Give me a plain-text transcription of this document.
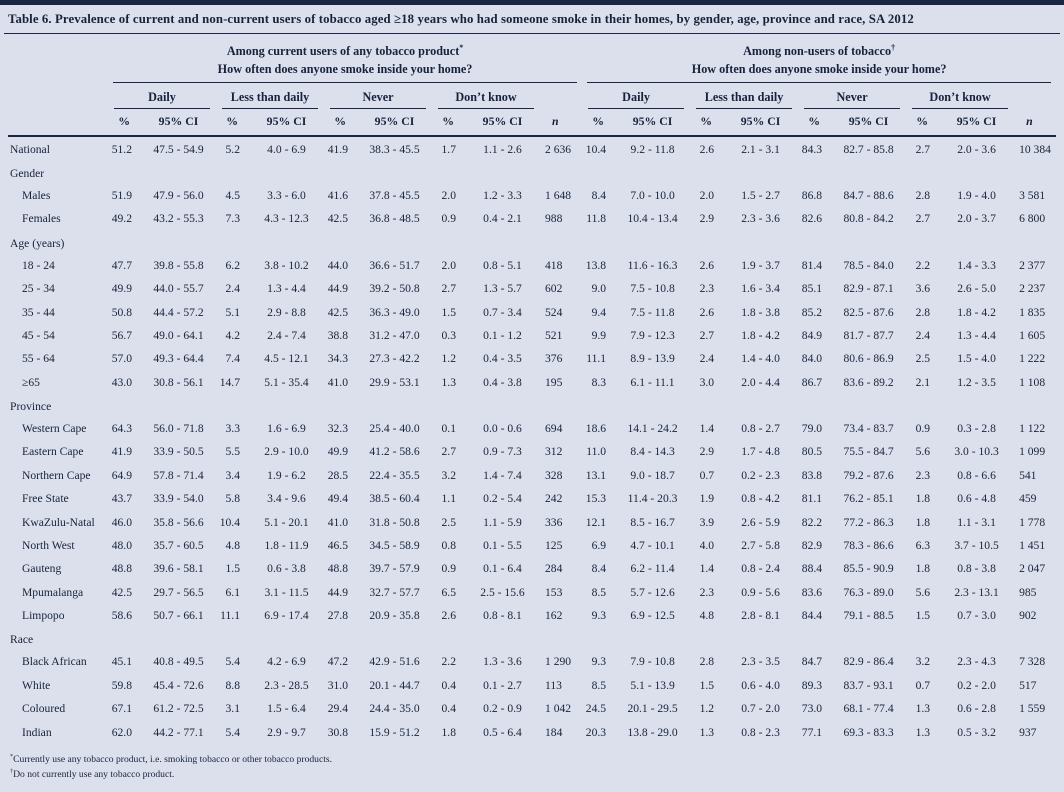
Table 6. Prevalence of current and non-current users of tobacco aged ≥18 years who had someone smoke in their homes, by gender, age, province and race, SA 2012

Among current users of any tobacco product*
How often does anyone smoke inside your home?

Among non-users of tobacco†
How often does anyone smoke inside your home?

	Daily		Less than daily		Never		Don’t know			Daily		Less than daily		Never		Don’t know		

	%	95% CI	%	95% CI	%	95% CI	%	95% CI	n	%	95% CI	%	95% CI	%	95% CI	%	95% CI	n
National	51.2	47.5 - 54.9	5.2	4.0 - 6.9	41.9	38.3 - 45.5	1.7	1.1 - 2.6	2 636	10.4	9.2 - 11.8	2.6	2.1 - 3.1	84.3	82.7 - 85.8	2.7	2.0 - 3.6	10 384
Gender																		
Males	51.9	47.9 - 56.0	4.5	3.3 - 6.0	41.6	37.8 - 45.5	2.0	1.2 - 3.3	1 648	8.4	7.0 - 10.0	2.0	1.5 - 2.7	86.8	84.7 - 88.6	2.8	1.9 - 4.0	3 581
Females	49.2	43.2 - 55.3	7.3	4.3 - 12.3	42.5	36.8 - 48.5	0.9	0.4 - 2.1	988	11.8	10.4 - 13.4	2.9	2.3 - 3.6	82.6	80.8 - 84.2	2.7	2.0 - 3.7	6 800
Age (years)																		
18 - 24	47.7	39.8 - 55.8	6.2	3.8 - 10.2	44.0	36.6 - 51.7	2.0	0.8 - 5.1	418	13.8	11.6 - 16.3	2.6	1.9 - 3.7	81.4	78.5 - 84.0	2.2	1.4 - 3.3	2 377
25 - 34	49.9	44.0 - 55.7	2.4	1.3 - 4.4	44.9	39.2 - 50.8	2.7	1.3 - 5.7	602	9.0	7.5 - 10.8	2.3	1.6 - 3.4	85.1	82.9 - 87.1	3.6	2.6 - 5.0	2 237
35 - 44	50.8	44.4 - 57.2	5.1	2.9 - 8.8	42.5	36.3 - 49.0	1.5	0.7 - 3.4	524	9.4	7.5 - 11.8	2.6	1.8 - 3.8	85.2	82.5 - 87.6	2.8	1.8 - 4.2	1 835
45 - 54	56.7	49.0 - 64.1	4.2	2.4 - 7.4	38.8	31.2 - 47.0	0.3	0.1 - 1.2	521	9.9	7.9 - 12.3	2.7	1.8 - 4.2	84.9	81.7 - 87.7	2.4	1.3 - 4.4	1 605
55 - 64	57.0	49.3 - 64.4	7.4	4.5 - 12.1	34.3	27.3 - 42.2	1.2	0.4 - 3.5	376	11.1	8.9 - 13.9	2.4	1.4 - 4.0	84.0	80.6 - 86.9	2.5	1.5 - 4.0	1 222
≥65	43.0	30.8 - 56.1	14.7	5.1 - 35.4	41.0	29.9 - 53.1	1.3	0.4 - 3.8	195	8.3	6.1 - 11.1	3.0	2.0 - 4.4	86.7	83.6 - 89.2	2.1	1.2 - 3.5	1 108
Province																		
Western Cape	64.3	56.0 - 71.8	3.3	1.6 - 6.9	32.3	25.4 - 40.0	0.1	0.0 - 0.6	694	18.6	14.1 - 24.2	1.4	0.8 - 2.7	79.0	73.4 - 83.7	0.9	0.3 - 2.8	1 122
Eastern Cape	41.9	33.9 - 50.5	5.5	2.9 - 10.0	49.9	41.2 - 58.6	2.7	0.9 - 7.3	312	11.0	8.4 - 14.3	2.9	1.7 - 4.8	80.5	75.5 - 84.7	5.6	3.0 - 10.3	1 099
Northern Cape	64.9	57.8 - 71.4	3.4	1.9 - 6.2	28.5	22.4 - 35.5	3.2	1.4 - 7.4	328	13.1	9.0 - 18.7	0.7	0.2 - 2.3	83.8	79.2 - 87.6	2.3	0.8 - 6.6	541
Free State	43.7	33.9 - 54.0	5.8	3.4 - 9.6	49.4	38.5 - 60.4	1.1	0.2 - 5.4	242	15.3	11.4 - 20.3	1.9	0.8 - 4.2	81.1	76.2 - 85.1	1.8	0.6 - 4.8	459
KwaZulu-Natal	46.0	35.8 - 56.6	10.4	5.1 - 20.1	41.0	31.8 - 50.8	2.5	1.1 - 5.9	336	12.1	8.5 - 16.7	3.9	2.6 - 5.9	82.2	77.2 - 86.3	1.8	1.1 - 3.1	1 778
North West	48.0	35.7 - 60.5	4.8	1.8 - 11.9	46.5	34.5 - 58.9	0.8	0.1 - 5.5	125	6.9	4.7 - 10.1	4.0	2.7 - 5.8	82.9	78.3 - 86.6	6.3	3.7 - 10.5	1 451
Gauteng	48.8	39.6 - 58.1	1.5	0.6 - 3.8	48.8	39.7 - 57.9	0.9	0.1 - 6.4	284	8.4	6.2 - 11.4	1.4	0.8 - 2.4	88.4	85.5 - 90.9	1.8	0.8 - 3.8	2 047
Mpumalanga	42.5	29.7 - 56.5	6.1	3.1 - 11.5	44.9	32.7 - 57.7	6.5	2.5 - 15.6	153	8.5	5.7 - 12.6	2.3	0.9 - 5.6	83.6	76.3 - 89.0	5.6	2.3 - 13.1	985
Limpopo	58.6	50.7 - 66.1	11.1	6.9 - 17.4	27.8	20.9 - 35.8	2.6	0.8 - 8.1	162	9.3	6.9 - 12.5	4.8	2.8 - 8.1	84.4	79.1 - 88.5	1.5	0.7 - 3.0	902
Race																		
Black African	45.1	40.8 - 49.5	5.4	4.2 - 6.9	47.2	42.9 - 51.6	2.2	1.3 - 3.6	1 290	9.3	7.9 - 10.8	2.8	2.3 - 3.5	84.7	82.9 - 86.4	3.2	2.3 - 4.3	7 328
White	59.8	45.4 - 72.6	8.8	2.3 - 28.5	31.0	20.1 - 44.7	0.4	0.1 - 2.7	113	8.5	5.1 - 13.9	1.5	0.6 - 4.0	89.3	83.7 - 93.1	0.7	0.2 - 2.0	517
Coloured	67.1	61.2 - 72.5	3.1	1.5 - 6.4	29.4	24.4 - 35.0	0.4	0.2 - 0.9	1 042	24.5	20.1 - 29.5	1.2	0.7 - 2.0	73.0	68.1 - 77.4	1.3	0.6 - 2.8	1 559
Indian	62.0	44.2 - 77.1	5.4	2.9 - 9.7	30.8	15.9 - 51.2	1.8	0.5 - 6.4	184	20.3	13.8 - 29.0	1.3	0.8 - 2.3	77.1	69.3 - 83.3	1.3	0.5 - 3.2	937
*Currently use any tobacco product, i.e. smoking tobacco or other tobacco products.
†Do not currently use any tobacco product.
